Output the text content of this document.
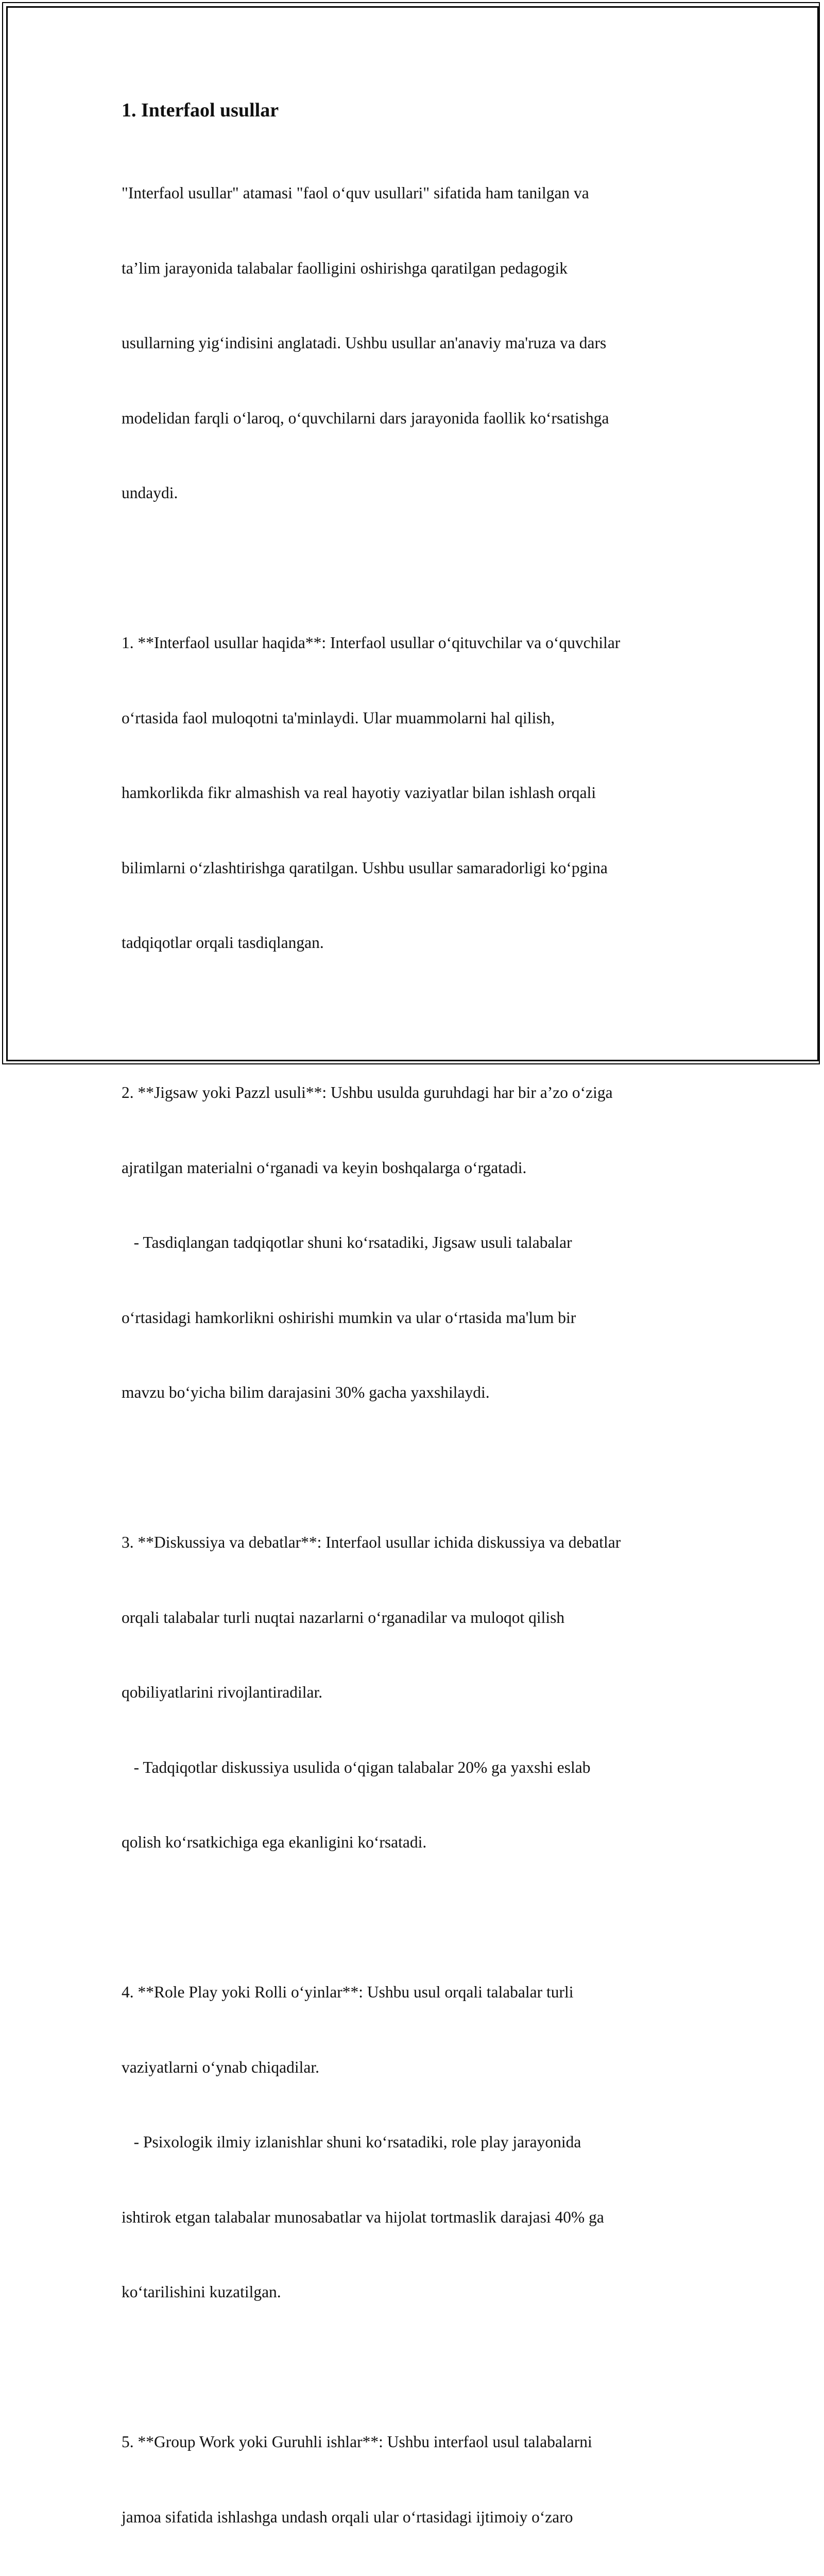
1. Interfaol usullar

"Interfaol usullar" atamasi "faol o‘quv usullari" sifatida ham tanilgan va

ta’lim jarayonida talabalar faolligini oshirishga qaratilgan pedagogik

usullarning yig‘indisini anglatadi. Ushbu usullar an'anaviy ma'ruza va dars

modelidan farqli o‘laroq, o‘quvchilarni dars jarayonida faollik ko‘rsatishga

undaydi.

1. **Interfaol usullar haqida**: Interfaol usullar o‘qituvchilar va o‘quvchilar

o‘rtasida faol muloqotni ta'minlaydi. Ular muammolarni hal qilish,

hamkorlikda fikr almashish va real hayotiy vaziyatlar bilan ishlash orqali

bilimlarni o‘zlashtirishga qaratilgan. Ushbu usullar samaradorligi ko‘pgina

tadqiqotlar orqali tasdiqlangan.

2. **Jigsaw yoki Pazzl usuli**: Ushbu usulda guruhdagi har bir a’zo o‘ziga

ajratilgan materialni o‘rganadi va keyin boshqalarga o‘rgatadi.

- Tasdiqlangan tadqiqotlar shuni ko‘rsatadiki, Jigsaw usuli talabalar

o‘rtasidagi hamkorlikni oshirishi mumkin va ular o‘rtasida ma'lum bir

mavzu bo‘yicha bilim darajasini 30% gacha yaxshilaydi.

3. **Diskussiya va debatlar**: Interfaol usullar ichida diskussiya va debatlar

orqali talabalar turli nuqtai nazarlarni o‘rganadilar va muloqot qilish

qobiliyatlarini rivojlantiradilar.

- Tadqiqotlar diskussiya usulida o‘qigan talabalar 20% ga yaxshi eslab

qolish ko‘rsatkichiga ega ekanligini ko‘rsatadi.

4. **Role Play yoki Rolli o‘yinlar**: Ushbu usul orqali talabalar turli

vaziyatlarni o‘ynab chiqadilar.

- Psixologik ilmiy izlanishlar shuni ko‘rsatadiki, role play jarayonida

ishtirok etgan talabalar munosabatlar va hijolat tortmaslik darajasi 40% ga

ko‘tarilishini kuzatilgan.

5. **Group Work yoki Guruhli ishlar**: Ushbu interfaol usul talabalarni

jamoa sifatida ishlashga undash orqali ular o‘rtasidagi ijtimoiy o‘zaro
